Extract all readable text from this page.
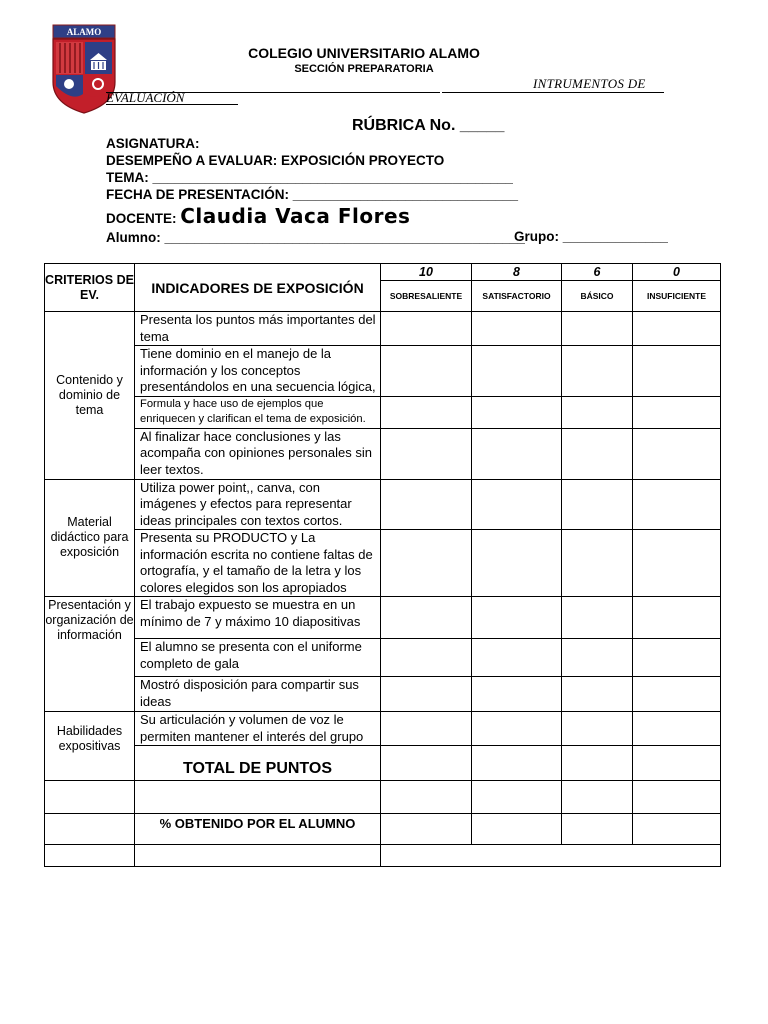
ALAMO
COLEGIO UNIVERSITARIO ALAMO
SECCIÓN PREPARATORIA
INTRUMENTOS DE
EVALUACIÓN
RÚBRICA No. _____
ASIGNATURA:
DESEMPEÑO A EVALUAR: EXPOSICIÓN PROYECTO
TEMA: ________________________________________________
FECHA DE PRESENTACIÓN: ______________________________
DOCENTE: Claudia Vaca Flores
Alumno: ________________________________________________
Grupo: ______________
CRITERIOS DE EV.	INDICADORES DE EXPOSICIÓN	10	8	6	0
		SOBRESALIENTE	SATISFACTORIO	BÁSICO	INSUFICIENTE
Contenido y dominio de tema	Presenta los puntos más importantes del tema				
	Tiene dominio en el manejo de la información y los conceptos presentándolos en una secuencia lógica,				
	Formula y hace uso de ejemplos que enriquecen y clarifican el tema de exposición.				
	Al finalizar hace conclusiones y las acompaña con opiniones personales sin leer textos.				
Material didáctico para exposición	Utiliza power point,, canva, con imágenes y efectos para representar ideas principales con textos cortos.				
	Presenta su PRODUCTO y La información escrita no contiene faltas de ortografía, y el tamaño de la letra y los colores elegidos son los apropiados				
Presentación y organización de información	El trabajo expuesto se muestra en un mínimo de 7 y máximo 10 diapositivas				
	El alumno se presenta con el uniforme completo de gala				
	Mostró disposición para compartir sus ideas				
Habilidades expositivas	Su articulación y volumen de voz le permiten mantener el interés del grupo				
	TOTAL DE PUNTOS				

	% OBTENIDO POR EL ALUMNO				
